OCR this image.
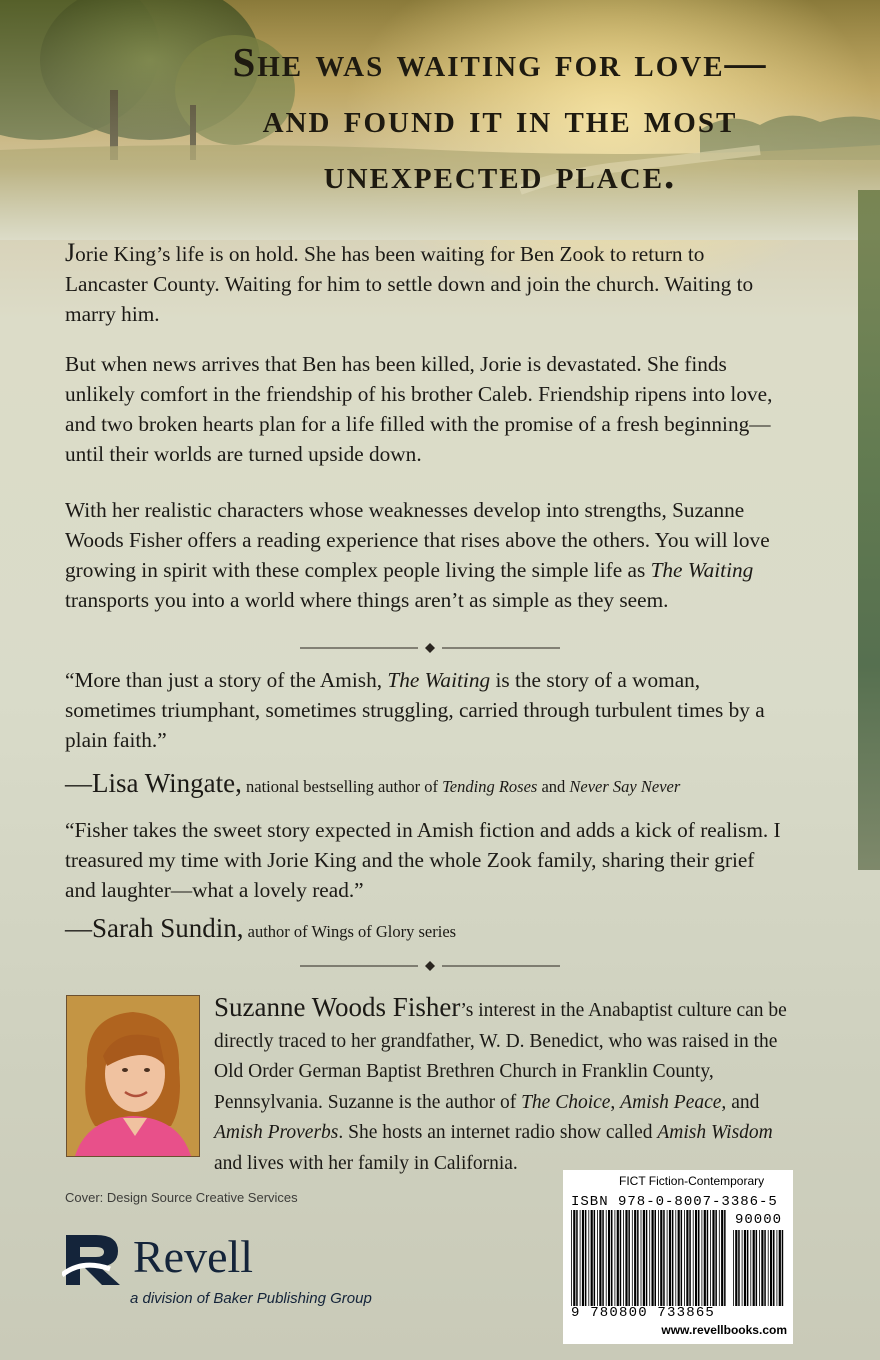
She was waiting for love—
and found it in the most
unexpected place.

Jorie King’s life is on hold. She has been waiting for Ben Zook to return to Lancaster County. Waiting for him to settle down and join the church. Waiting to marry him.

But when news arrives that Ben has been killed, Jorie is devastated. She finds unlikely comfort in the friendship of his brother Caleb. Friendship ripens into love, and two broken hearts plan for a life filled with the promise of a fresh beginning—until their worlds are turned upside down.

With her realistic characters whose weaknesses develop into strengths, Suzanne Woods Fisher offers a reading experience that rises above the others. You will love growing in spirit with these complex people living the simple life as The Waiting transports you into a world where things aren’t as simple as they seem.

“More than just a story of the Amish, The Waiting is the story of a woman, sometimes triumphant, sometimes struggling, carried through turbulent times by a plain faith.”

—Lisa Wingate, national bestselling author of Tending Roses and Never Say Never

“Fisher takes the sweet story expected in Amish fiction and adds a kick of realism. I treasured my time with Jorie King and the whole Zook family, sharing their grief and laughter—what a lovely read.”

—Sarah Sundin, author of Wings of Glory series

Suzanne Woods Fisher’s interest in the Anabaptist culture can be directly traced to her grandfather, W. D. Benedict, who was raised in the Old Order German Baptist Brethren Church in Franklin County, Pennsylvania. Suzanne is the author of The Choice, Amish Peace, and Amish Proverbs. She hosts an internet radio show called Amish Wisdom and lives with her family in California.

Cover: Design Source Creative Services
Revell
a division of Baker Publishing Group
FICT Fiction-Contemporary
ISBN 978-0-8007-3386-5
90000
9 780800 733865
www.revellbooks.com
